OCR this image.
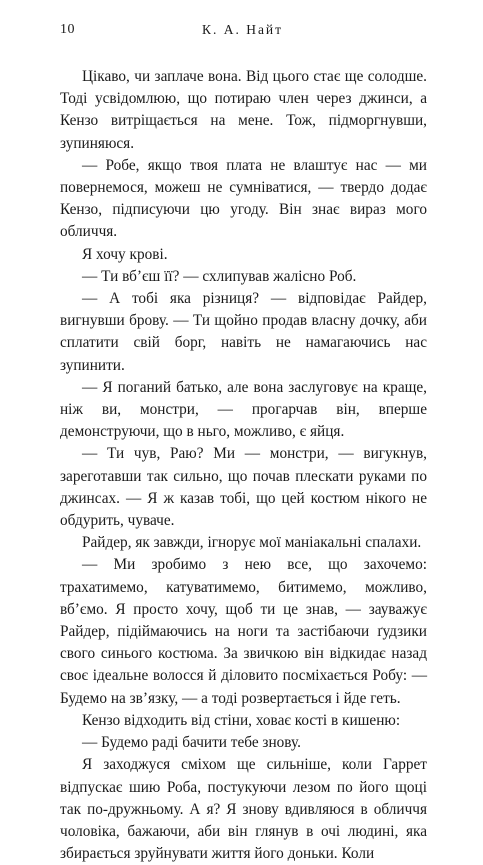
10	К. А. Найт

Цікаво, чи заплаче вона. Від цього стає ще солодше. Тоді усвідомлюю, що потираю член через джинси, а Кензо витріщається на мене. Тож, підморгнувши, зупиняюся.

— Робе, якщо твоя плата не влаштує нас — ми повернемося, можеш не сумніватися, — твердо додає Кензо, підписуючи цю угоду. Він знає вираз мого обличчя.

Я хочу крові.

— Ти вб’єш її? — схлипував жалісно Роб.

— А тобі яка різниця? — відповідає Райдер, вигнувши брову. — Ти щойно продав власну дочку, аби сплатити свій борг, навіть не намагаючись нас зупинити.

— Я поганий батько, але вона заслуговує на краще, ніж ви, монстри, — прогарчав він, вперше демонструючи, що в ньго, можливо, є яйця.

— Ти чув, Раю? Ми — монстри, — вигукнув, зареготавши так сильно, що почав плескати руками по джинсах. — Я ж казав тобі, що цей костюм нікого не обдурить, чуваче.

Райдер, як завжди, ігнорує мої маніакальні спалахи.

— Ми зробимо з нею все, що захочемо: трахатимемо, катуватимемо, битимемо, можливо, вб’ємо. Я просто хочу, щоб ти це знав, — зауважує Райдер, підіймаючись на ноги та застібаючи ґудзики свого синього костюма. За звичкою він відкидає назад своє ідеальне волосся й діловито посміхається Робу: — Будемо на зв’язку, — а тоді розвертається і йде геть.

Кензо відходить від стіни, ховає кості в кишеню:

— Будемо раді бачити тебе знову.

Я заходжуся сміхом ще сильніше, коли Гаррет відпускає шию Роба, постукуючи лезом по його щоці так по-дружньому. А я? Я знову вдивляюся в обличчя чоловіка, бажаючи, аби він глянув в очі людині, яка збирається зруйнувати життя його доньки. Коли
